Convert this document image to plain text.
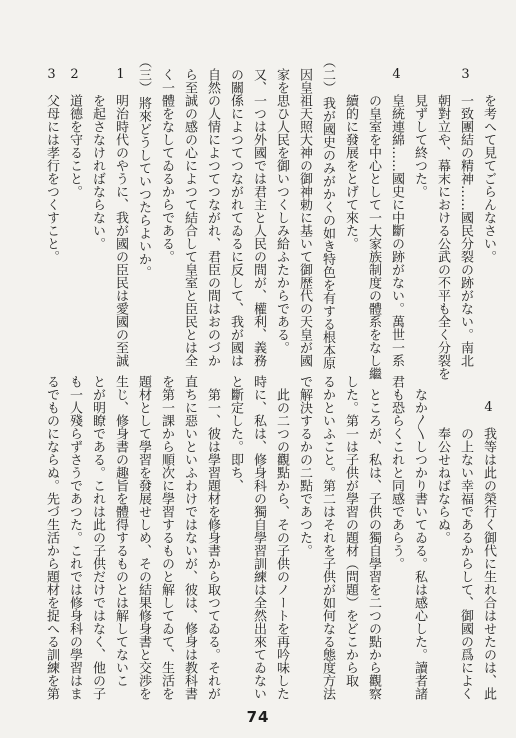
を考へて見てごらんなさい。
3一致團結の精神……國民分裂の跡がない。南北
朝對立や、幕末における公武の不平も全く分裂を
見ずして終つた。
4皇統連綿……國史に中斷の跡がない。萬世一系
の皇室を中心として一大家族制度の體系をなし繼
續的に發展をとげて來た。
（二）我が國史のみがかくの如き特色を有する根本原
因皇祖天照大神の御神勅に基いて御歴代の天皇が國
家を思ひ人民を御いつくしみ給ふたからである。
又、一つは外國では君主と人民の間が、權利、義務
の關係によつてつながれてゐるに反して、我が國は
自然の人情によつてつながれ、君臣の間はおのづか
ら至誠の感の心によつて結合して皇室と臣民とは全
く一體をなしてゐるからである。
（三）將來どうしていつたらよいか。
1明治時代のやうに、我が國の臣民は愛國の至誠
を起さなければならない。
2道德を守ること。
3父母には孝行をつくすこと。
4我等は此の榮行く御代に生れ合はせたのは、此
の上ない幸福であるからして、御國の爲によく
奉公せねばならぬ。
なか〳〵しつかり書いてゐる。私は感心した。讀者諸
君も恐らくこれと同感であらう。
ところが、私は、子供の獨自學習を二つの點から觀察
した。第一は子供が學習の題材（問題）をどこから取
るかといふこと。第二はそれを子供が如何なる態度方法
で解決するかの二點であつた。
此の二つの觀點から、その子供のノートを再吟味した
時に、私は、修身科の獨自學習訓練は全然出來てゐない
と斷定した。即ち、
第一、彼は學習題材を修身書から取つてゐる。それが
直ちに惡いといふわけではないが、彼は、修身は教科書
を第一課から順次に學習するものと解してゐて、生活を
題材として學習を發展せしめ、その結果修身書と交渉を
生じ、修身書の趣旨を體得するものとは解してないこ
とが明瞭である。これは此の子供だけではなく、他の子
も一人殘らずさうであつた。これでは修身科の學習はま
るでものにならぬ。先づ生活から題材を捉へる訓練を第
74
